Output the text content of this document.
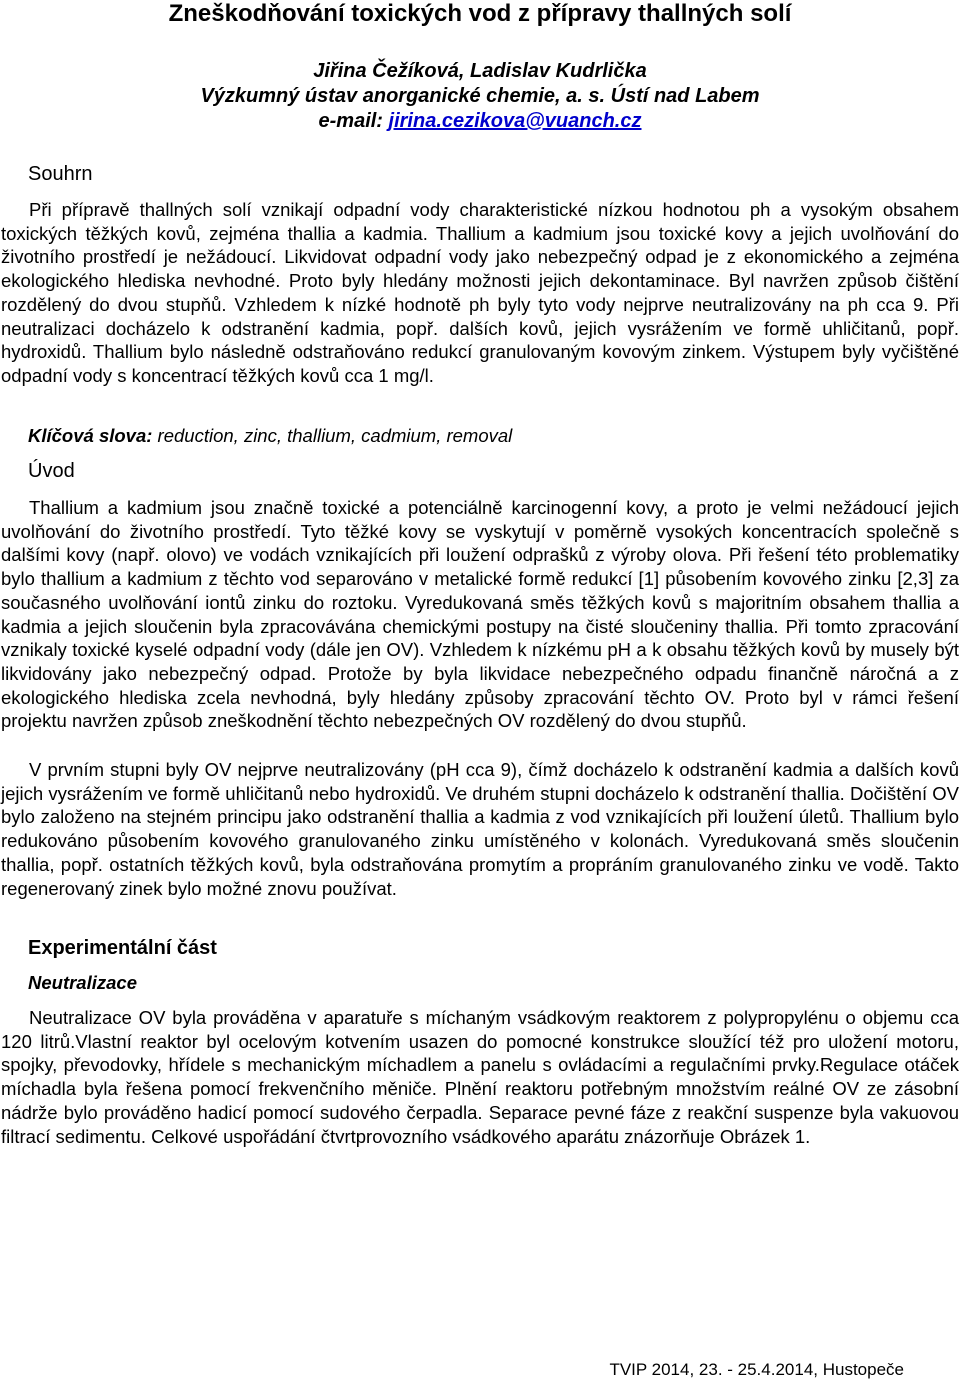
Zneškodňování toxických vod z přípravy thallných solí
Jiřina Čežíková, Ladislav Kudrlička
Výzkumný ústav anorganické chemie, a. s. Ústí nad Labem
e-mail: jirina.cezikova@vuanch.cz
Souhrn

Při přípravě thallných solí vznikají odpadní vody charakteristické nízkou hodnotou ph a vysokým obsahem toxických těžkých kovů, zejména thallia a kadmia. Thallium a kadmium jsou toxické kovy a jejich uvolňování do životního prostředí je nežádoucí. Likvidovat odpadní vody jako nebezpečný odpad je z ekonomického a zejména ekologického hlediska nevhodné. Proto byly hledány možnosti jejich dekontaminace. Byl navržen způsob čištění rozdělený do dvou stupňů. Vzhledem k nízké hodnotě ph byly tyto vody nejprve neutralizovány na ph cca 9. Při neutralizaci docházelo k odstranění kadmia, popř. dalších kovů, jejich vysrážením ve formě uhličitanů, popř. hydroxidů. Thallium bylo následně odstraňováno redukcí granulovaným kovovým zinkem. Výstupem byly vyčištěné odpadní vody s koncentrací těžkých kovů cca 1 mg/l.

Klíčová slova: reduction, zinc, thallium, cadmium, removal
Úvod

Thallium a kadmium jsou značně toxické a potenciálně karcinogenní kovy, a proto je velmi nežádoucí jejich uvolňování do životního prostředí. Tyto těžké kovy se vyskytují v poměrně vysokých koncentracích společně s dalšími kovy (např. olovo) ve vodách vznikajících při loužení odprašků z výroby olova. Při řešení této problematiky bylo thallium a kadmium z těchto vod separováno v metalické formě redukcí [1] působením kovového zinku [2,3] za současného uvolňování iontů zinku do roztoku. Vyredukovaná směs těžkých kovů s majoritním obsahem thallia a kadmia a jejich sloučenin byla zpracovávána chemickými postupy na čisté sloučeniny thallia. Při tomto zpracování vznikaly toxické kyselé odpadní vody (dále jen OV). Vzhledem k nízkému pH a k obsahu těžkých kovů by musely být likvidovány jako nebezpečný odpad. Protože by byla likvidace nebezpečného odpadu finančně náročná a z ekologického hlediska zcela nevhodná, byly hledány způsoby zpracování těchto OV. Proto byl v rámci řešení projektu navržen způsob zneškodnění těchto nebezpečných OV rozdělený do dvou stupňů.

V prvním stupni byly OV nejprve neutralizovány (pH cca 9), čímž docházelo k odstranění kadmia a dalších kovů jejich vysrážením ve formě uhličitanů nebo hydroxidů. Ve druhém stupni docházelo k odstranění thallia. Dočištění OV bylo založeno na stejném principu jako odstranění thallia a kadmia z vod vznikajících při loužení úletů. Thallium bylo redukováno působením kovového granulovaného zinku umístěného v kolonách. Vyredukovaná směs sloučenin thallia, popř. ostatních těžkých kovů, byla odstraňována promytím a propráním granulovaného zinku ve vodě. Takto regenerovaný zinek bylo možné znovu používat.

Experimentální část
Neutralizace

Neutralizace OV byla prováděna v aparatuře s míchaným vsádkovým reaktorem z polypropylénu o objemu cca 120 litrů.Vlastní reaktor byl ocelovým kotvením usazen do pomocné konstrukce sloužící též pro uložení motoru, spojky, převodovky, hřídele s mechanickým míchadlem a panelu s ovládacími a regulačními prvky.Regulace otáček míchadla byla řešena pomocí frekvenčního měniče. Plnění reaktoru potřebným množstvím reálné OV ze zásobní nádrže bylo prováděno hadicí pomocí sudového čerpadla. Separace pevné fáze z reakční suspenze byla vakuovou filtrací sedimentu. Celkové uspořádání čtvrtprovozního vsádkového aparátu znázorňuje Obrázek 1.

TVIP 2014, 23. - 25.4.2014, Hustopeče
